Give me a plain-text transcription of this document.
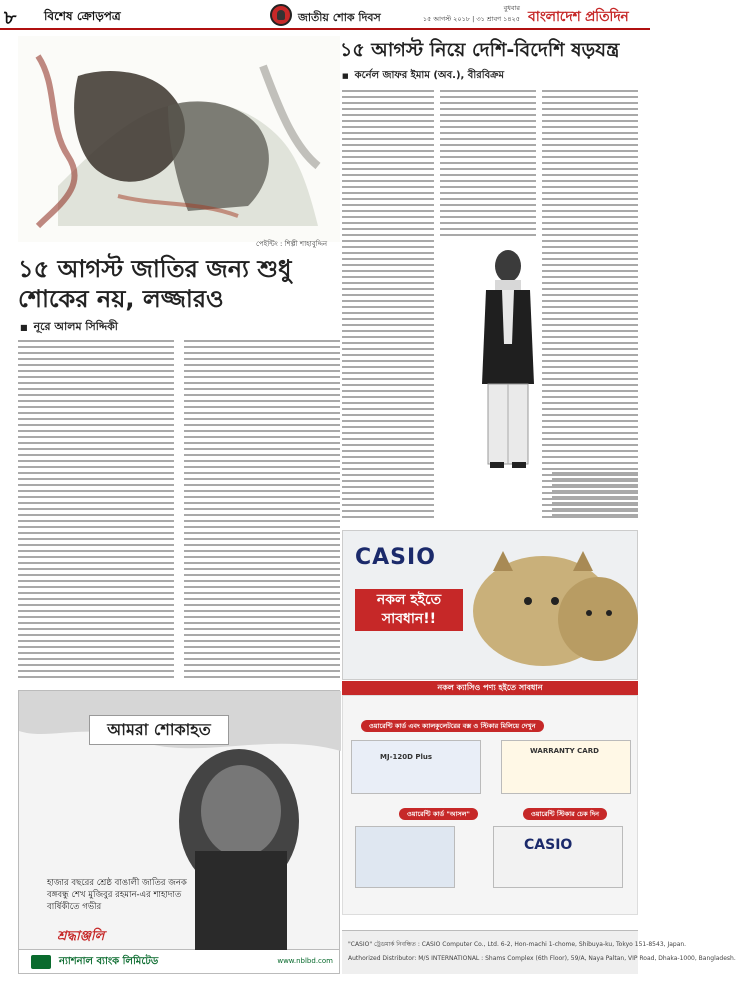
৮ বিশেষ ক্রোড়পত্র	জাতীয় শোক দিবস
বুধবার
১৫ আগস্ট ২০১৮ | ৩১ শ্রাবণ ১৪২৫ বাংলাদেশ প্রতিদিন
পেইন্টিং : শিল্পী শাহাবুদ্দিন
১৫ আগস্ট জাতির জন্য শুধু শোকের নয়, লজ্জারও
■ নূরে আলম সিদ্দিকী
১৫ আগস্ট নিয়ে দেশি-বিদেশি ষড়যন্ত্র
■ কর্নেল জাফর ইমাম (অব.), বীরবিক্রম
আমরা শোকাহত
হাজার বছরের শ্রেষ্ঠ বাঙালী জাতির জনক বঙ্গবন্ধু শেখ মুজিবুর রহমান-এর শাহাদাত বার্ষিকীতে গভীর
শ্রদ্ধাঞ্জলি
ন্যাশনাল ব্যাংক লিমিটেড	www.nblbd.com
CASIO
নকল হইতে সাবধান!!
নকল ক্যাসিও পণ্য হইতে সাবধান
ওয়ারেন্টি কার্ড এবং ক্যালকুলেটরের বক্স ও স্টিকার মিলিয়ে দেখুন
MJ-120D Plus
WARRANTY CARD
ওয়ারেন্টি কার্ড "আসল"	ওয়ারেন্টি স্টিকার চেক দিন
CASIO
"CASIO" ট্রেডমার্ক নিবন্ধিত : CASIO Computer Co., Ltd. 6-2, Hon-machi 1-chome, Shibuya-ku, Tokyo 151-8543, Japan.
Authorized Distributor: M/S INTERNATIONAL : Shams Complex (6th Floor), 59/A, Naya Paltan, VIP Road, Dhaka-1000, Bangladesh.
